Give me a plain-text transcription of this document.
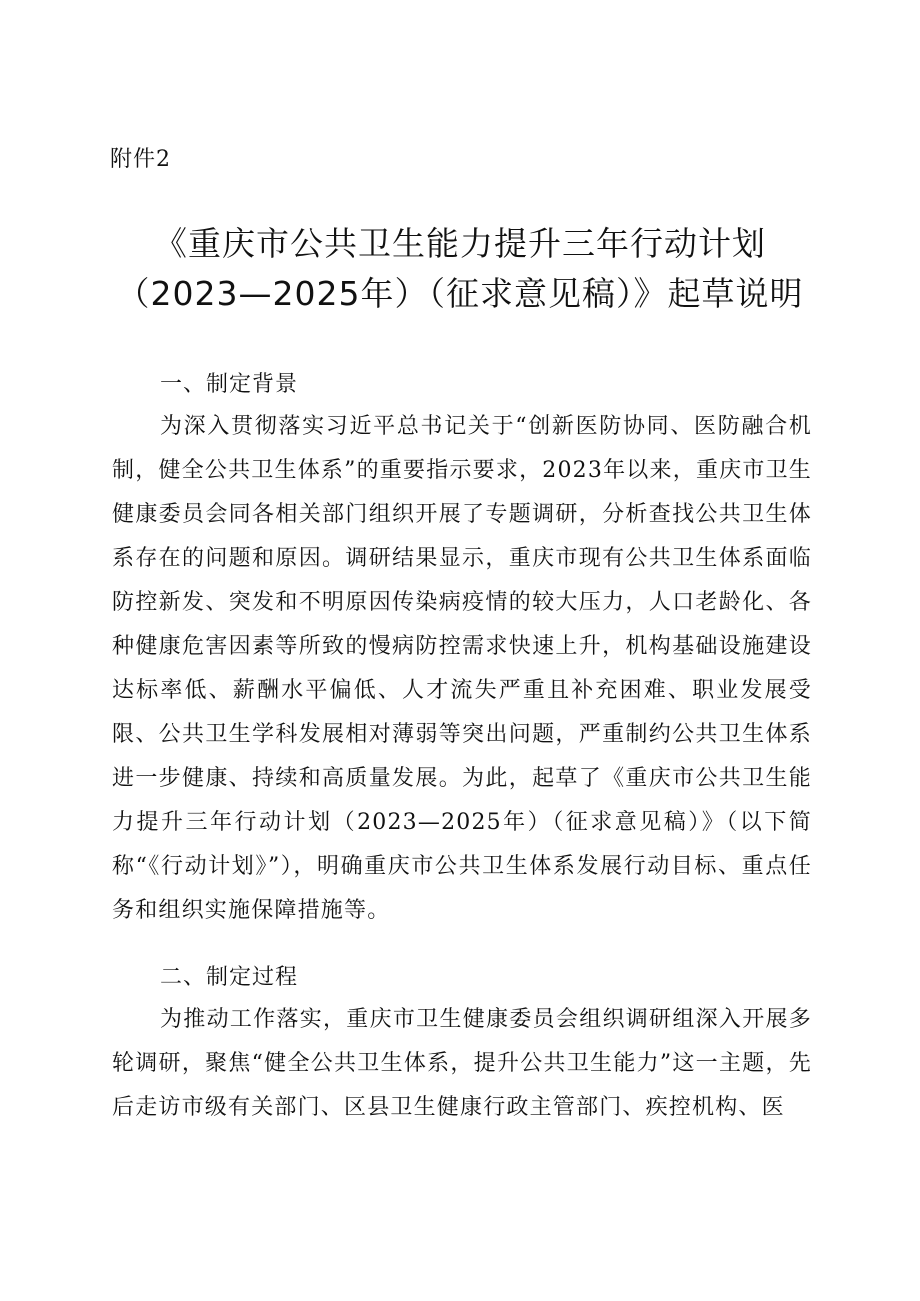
附件2
《重庆市公共卫生能力提升三年行动计划
（2023—2025年）（征求意见稿）》起草说明
一、制定背景

为深入贯彻落实习近平总书记关于“创新医防协同、医防融合机制，健全公共卫生体系”的重要指示要求，2023年以来，重庆市卫生健康委员会同各相关部门组织开展了专题调研，分析查找公共卫生体系存在的问题和原因。调研结果显示，重庆市现有公共卫生体系面临防控新发、突发和不明原因传染病疫情的较大压力，人口老龄化、各种健康危害因素等所致的慢病防控需求快速上升，机构基础设施建设达标率低、薪酬水平偏低、人才流失严重且补充困难、职业发展受限、公共卫生学科发展相对薄弱等突出问题，严重制约公共卫生体系进一步健康、持续和高质量发展。为此，起草了《重庆市公共卫生能力提升三年行动计划（2023—2025年）（征求意见稿）》（以下简称“《行动计划》”），明确重庆市公共卫生体系发展行动目标、重点任务和组织实施保障措施等。

二、制定过程

为推动工作落实，重庆市卫生健康委员会组织调研组深入开展多轮调研，聚焦“健全公共卫生体系，提升公共卫生能力”这一主题，先后走访市级有关部门、区县卫生健康行政主管部门、疾控机构、医
